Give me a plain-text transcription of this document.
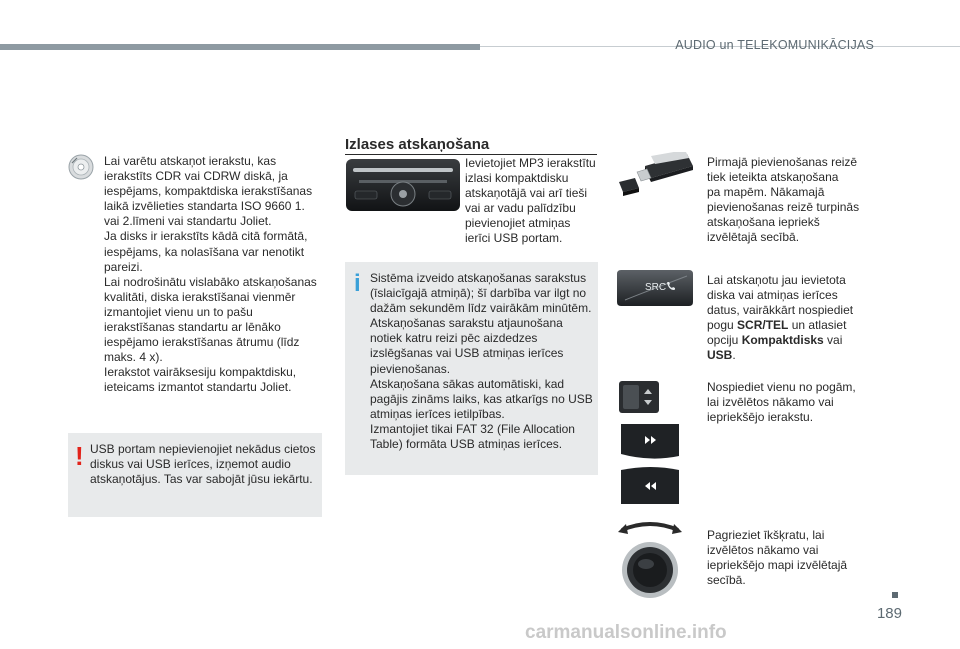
AUDIO un TELEKOMUNIKĀCIJAS
Lai varētu atskaņot ierakstu, kas
ierakstīts CDR vai CDRW diskā, ja
iespējams, kompaktdiska ierakstīšanas
laikā izvēlieties standarta ISO 9660 1.
vai 2.līmeni vai standartu Joliet.
Ja disks ir ierakstīts kādā citā formātā,
iespējams, ka nolasīšana var nenotikt
pareizi.
Lai nodrošinātu vislabāko atskaņošanas
kvalitāti, diska ierakstīšanai vienmēr
izmantojiet vienu un to pašu
ierakstīšanas standartu ar lēnāko
iespējamo ierakstīšanas ātrumu (līdz
maks. 4 x).
Ierakstot vairāksesiju kompaktdisku,
ieteicams izmantot standartu Joliet.
! USB portam nepievienojiet nekādus cietos
diskus vai USB ierīces, izņemot audio
atskaņotājus. Tas var sabojāt jūsu iekārtu.
Izlases atskaņošana
Ievietojiet MP3 ierakstītu
izlasi kompaktdisku
atskaņotājā vai arī tieši
vai ar vadu palīdzību
pievienojiet atmiņas
ierīci USB portam.
i Sistēma izveido atskaņošanas sarakstus
(īslaicīgajā atmiņā); šī darbība var ilgt no
dažām sekundēm līdz vairākām minūtēm.
Atskaņošanas sarakstu atjaunošana
notiek katru reizi pēc aizdedzes
izslēgšanas vai USB atmiņas ierīces
pievienošanas.
Atskaņošana sākas automātiski, kad
pagājis zināms laiks, kas atkarīgs no USB
atmiņas ierīces ietilpības.
Izmantojiet tikai FAT 32 (File Allocation
Table) formāta USB atmiņas ierīces.
Pirmajā pievienošanas reizē
tiek ieteikta atskaņošana
pa mapēm. Nākamajā
pievienošanas reizē turpinās
atskaņošana iepriekš
izvēlētajā secībā.
SRC
Lai atskaņotu jau ievietota
diska vai atmiņas ierīces
datus, vairākkārt nospiediet
pogu SCR/TEL un atlasiet
opciju Kompaktdisks vai
USB.
Nospiediet vienu no pogām,
lai izvēlētos nākamo vai
iepriekšējo ierakstu.
Pagrieziet īkšķratu, lai
izvēlētos nākamo vai
iepriekšējo mapi izvēlētajā
secībā.
189
carmanualsonline.info
